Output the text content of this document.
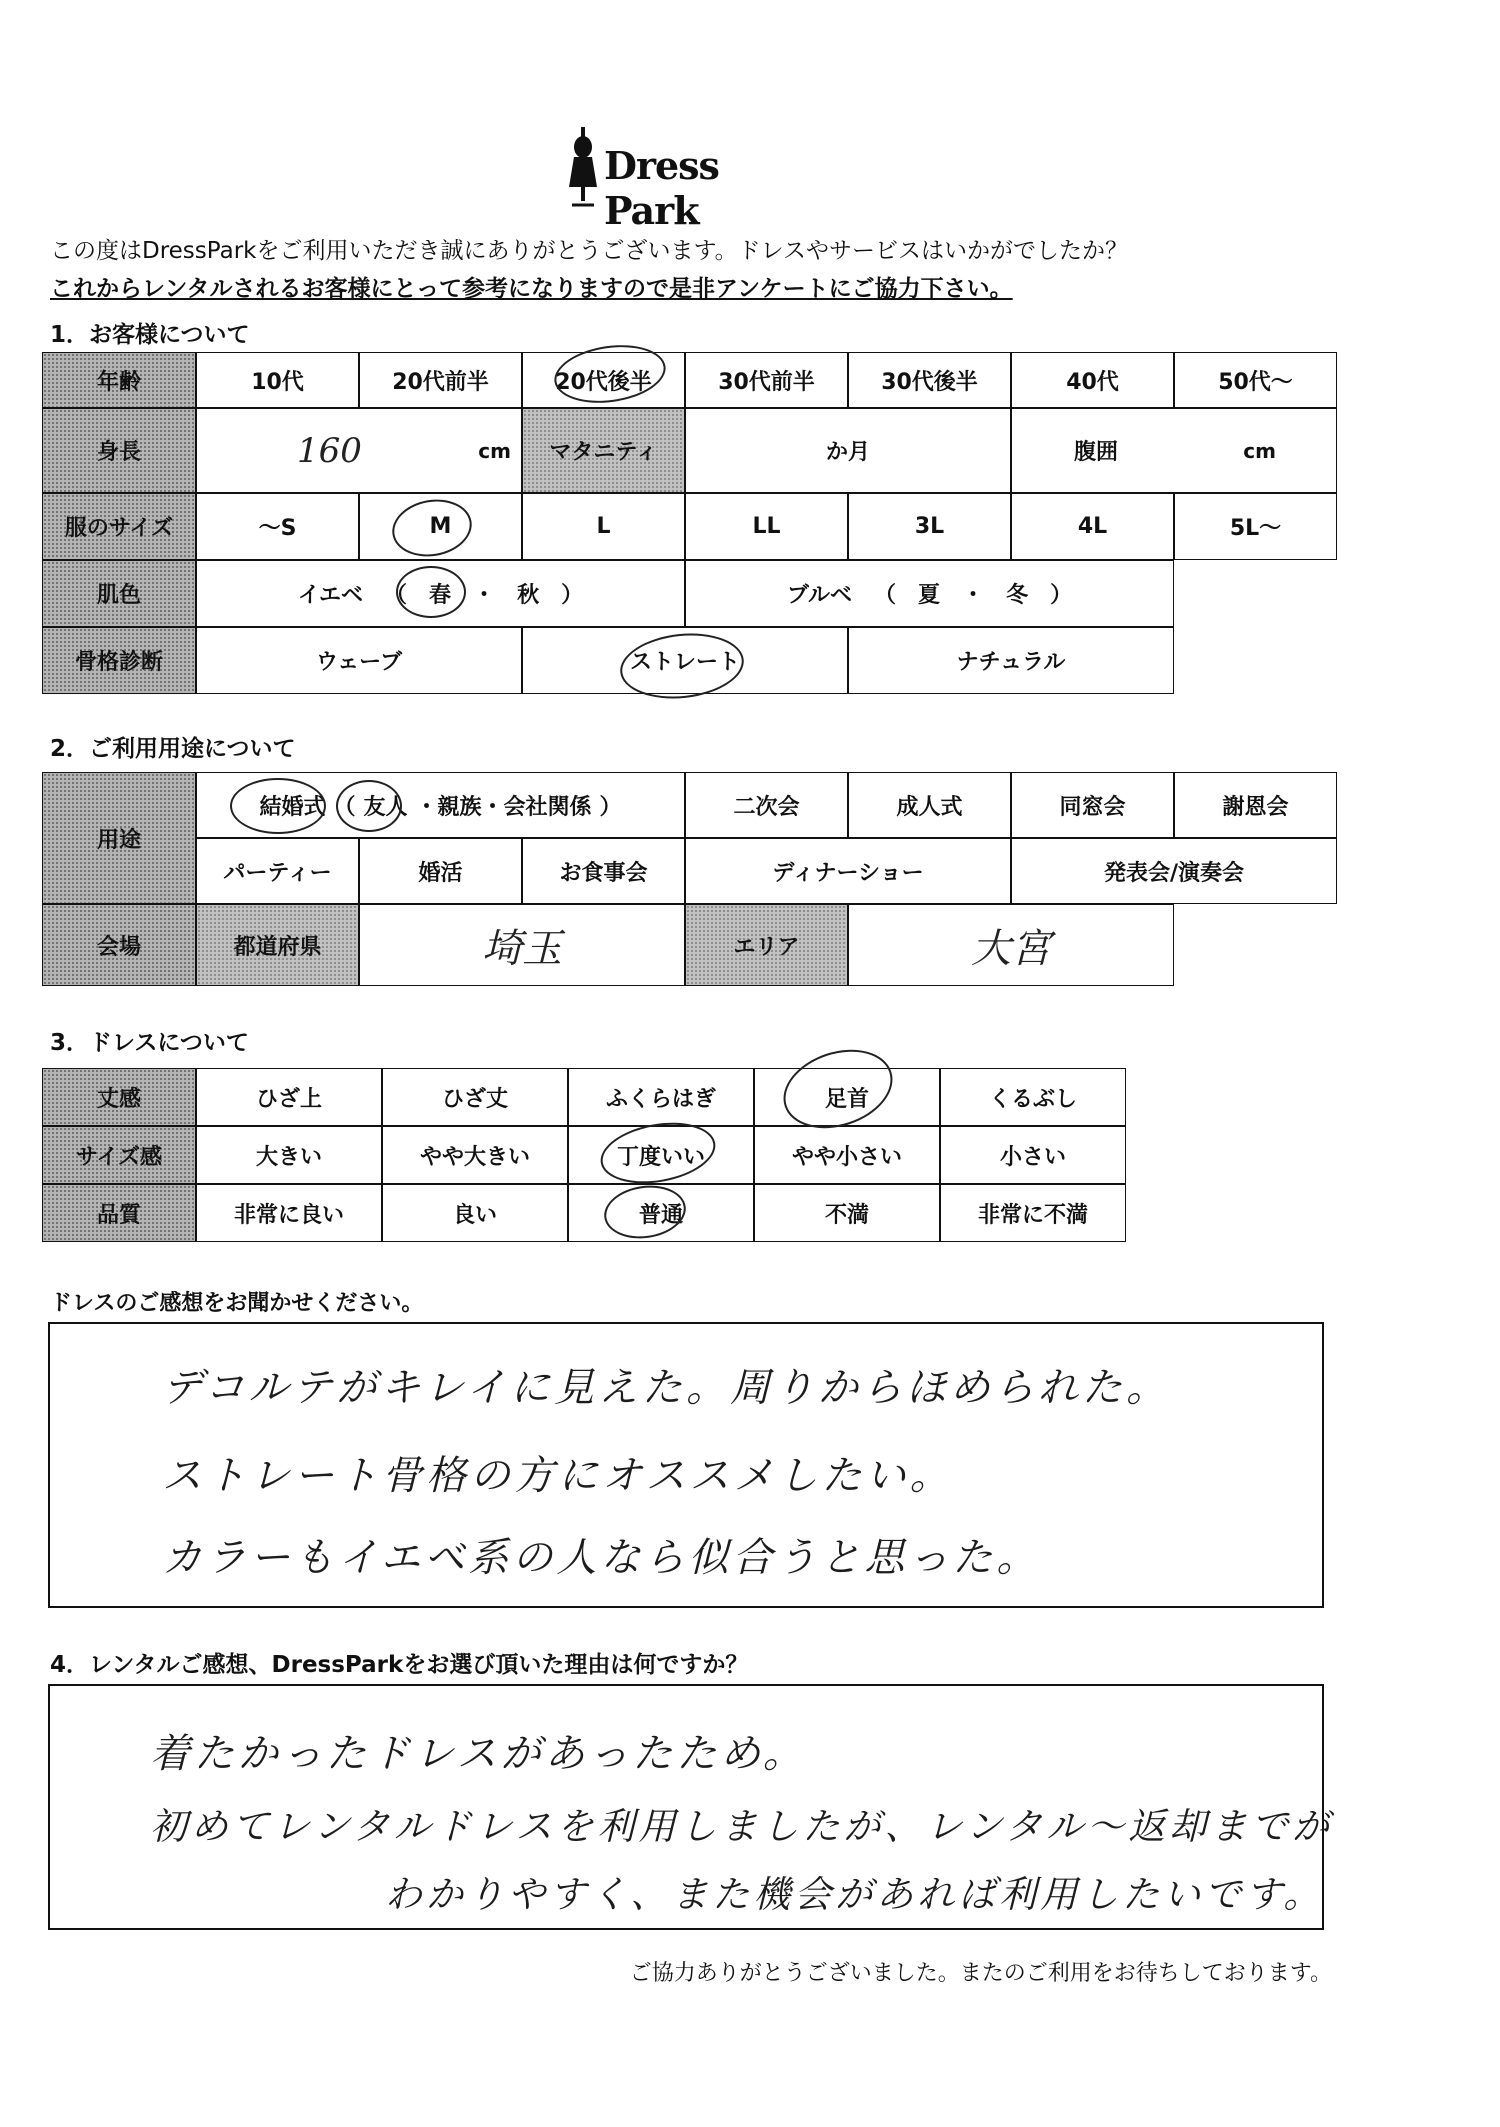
Dress Park
この度はDressParkをご利用いただき誠にありがとうございます。ドレスやサービスはいかがでしたか？
これからレンタルされるお客様にとって参考になりますので是非アンケートにご協力下さい。
1．お客様について
年齢	10代	20代前半	20代後半	30代前半	30代後半	40代	50代～
身長	160	cm	マタニティ	か月	腹囲	cm
服のサイズ	～S	M	L	LL	3L	4L	5L～
肌色	イエベ （ 春 ・ 秋 ）	ブルベ （ 夏 ・ 冬 ）
骨格診断	ウェーブ	ストレート	ナチュラル
2．ご利用用途について
用途
結婚式 （ 友人 ・親族・会社関係 ）	二次会	成人式	同窓会	謝恩会
パーティー	婚活	お食事会	ディナーショー	発表会/演奏会
会場	都道府県	埼玉	エリア	大宮
3．ドレスについて
丈感	ひざ上	ひざ丈	ふくらはぎ	足首	くるぶし
サイズ感	大きい	やや大きい	丁度いい	やや小さい	小さい
品質	非常に良い	良い	普通	不満	非常に不満
ドレスのご感想をお聞かせください。
デコルテがキレイに見えた。周りからほめられた。
ストレート骨格の方にオススメしたい。
カラーもイエベ系の人なら似合うと思った。
4．レンタルご感想、DressParkをお選び頂いた理由は何ですか？
着たかったドレスがあったため。
初めてレンタルドレスを利用しましたが、レンタル～返却までが
わかりやすく、また機会があれば利用したいです。
ご協力ありがとうございました。またのご利用をお待ちしております。
